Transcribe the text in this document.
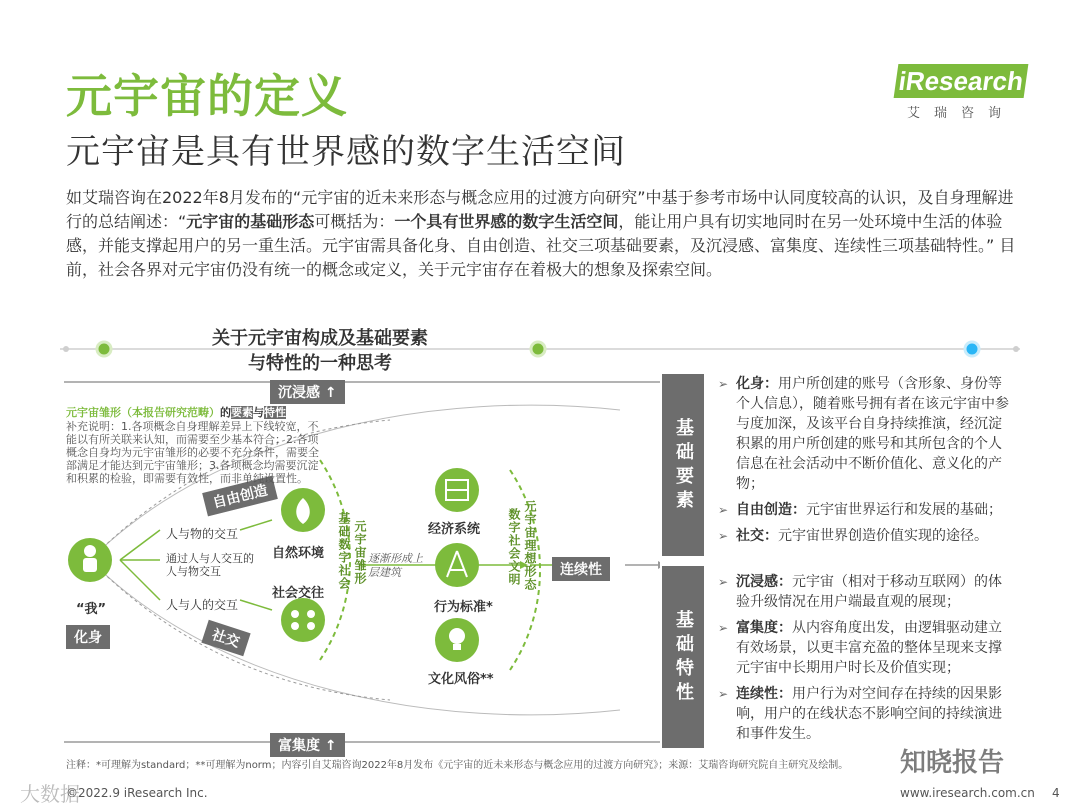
元宇宙的定义
元宇宙是具有世界感的数字生活空间
iResearch
艾瑞咨询
如艾瑞咨询在2022年8月发布的“元宇宙的近未来形态与概念应用的过渡方向研究”中基于参考市场中认同度较高的认识，及自身理解进行的总结阐述：“元宇宙的基础形态可概括为：一个具有世界感的数字生活空间，能让用户具有切实地同时在另一处环境中生活的体验感，并能支撑起用户的另一重生活。元宇宙需具备化身、自由创造、社交三项基础要素，及沉浸感、富集度、连续性三项基础特性。” 目前，社会各界对元宇宙仍没有统一的概念或定义，关于元宇宙存在着极大的想象及探索空间。
关于元宇宙构成及基础要素
与特性的一种思考
沉浸感 ↑
富集度 ↑
连续性
自由创造
社交
化身
元宇宙雏形（本报告研究范畴）的要素与特性
补充说明：1.各项概念自身理解差异上下线较宽，不能以有所关联来认知，而需要至少基本符合；2.各项概念自身均为元宇宙雏形的必要不充分条件，需要全部满足才能达到元宇宙雏形；3.各项概念均需要沉淀和积累的检验，即需要有效性，而非单纯设置性。
“我”
人与物的交互
通过人与人交互的人与物交互
人与人的交互
自然环境
社会交往
经济系统
行为标准*
文化风俗**
逐渐形成上层建筑
基础数字社会 元宇宙雏形	数字社会文明 元宇宙理想形态
基础要素
基础特性

➢ 化身：用户所创建的账号（含形象、身份等个人信息），随着账号拥有者在该元宇宙中参与度加深，及该平台自身持续推演，经沉淀积累的用户所创建的账号和其所包含的个人信息在社会活动中不断价值化、意义化的产物；

➢ 自由创造：元宇宙世界运行和发展的基础；

➢ 社交：元宇宙世界创造价值实现的途径。

➢ 沉浸感：元宇宙（相对于移动互联网）的体验升级情况在用户端最直观的展现；

➢ 富集度：从内容角度出发，由逻辑驱动建立有效场景，以更丰富充盈的整体呈现来支撑元宇宙中长期用户时长及价值实现；

➢ 连续性：用户行为对空间存在持续的因果影响，用户的在线状态不影响空间的持续演进和事件发生。

注释：*可理解为standard；**可理解为norm；内容引自艾瑞咨询2022年8月发布《元宇宙的近未来形态与概念应用的过渡方向研究》；来源：艾瑞咨询研究院自主研究及绘制。
大数据
©2022.9 iResearch Inc.
知晓报告
www.iresearch.com.cn 4
